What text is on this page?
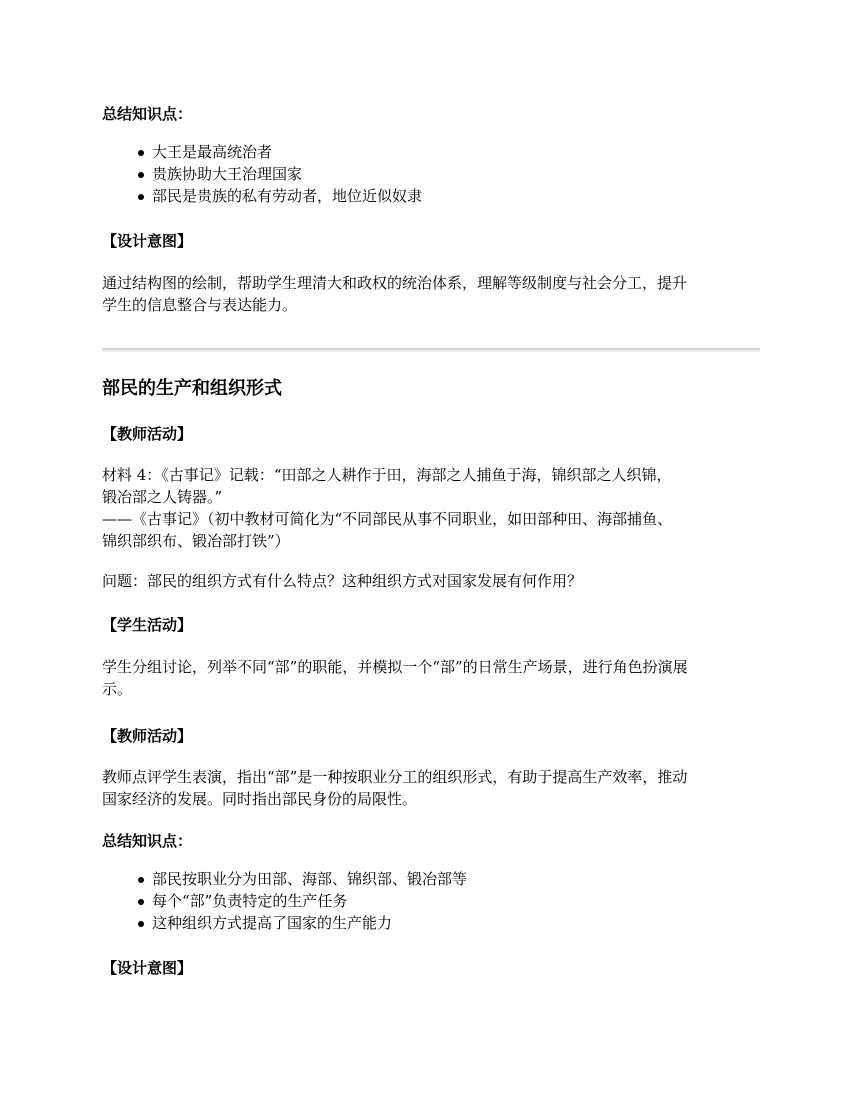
总结知识点：
大王是最高统治者
贵族协助大王治理国家
部民是贵族的私有劳动者，地位近似奴隶
【设计意图】
通过结构图的绘制，帮助学生理清大和政权的统治体系，理解等级制度与社会分工，提升
学生的信息整合与表达能力。
部民的生产和组织形式
【教师活动】
材料 4：《古事记》记载：“田部之人耕作于田，海部之人捕鱼于海，锦织部之人织锦，
锻冶部之人铸器。”
——《古事记》（初中教材可简化为“不同部民从事不同职业，如田部种田、海部捕鱼、
锦织部织布、锻冶部打铁”）
问题：部民的组织方式有什么特点？这种组织方式对国家发展有何作用？
【学生活动】
学生分组讨论，列举不同“部”的职能，并模拟一个“部”的日常生产场景，进行角色扮演展
示。
【教师活动】
教师点评学生表演，指出“部”是一种按职业分工的组织形式，有助于提高生产效率，推动
国家经济的发展。同时指出部民身份的局限性。
总结知识点：
部民按职业分为田部、海部、锦织部、锻冶部等
每个“部”负责特定的生产任务
这种组织方式提高了国家的生产能力
【设计意图】
